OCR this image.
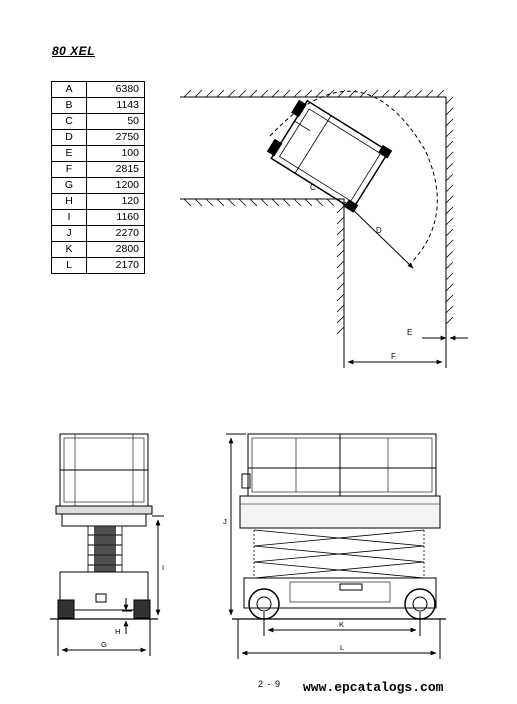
80 XEL
A	6380
B	1143
C	50
D	2750
E	100
F	2815
G	1200
H	120
I	1160
J	2270
K	2800
L	2170
C
D
E
F
G
H
I
J
K
L
2 - 9 www.epcatalogs.com
